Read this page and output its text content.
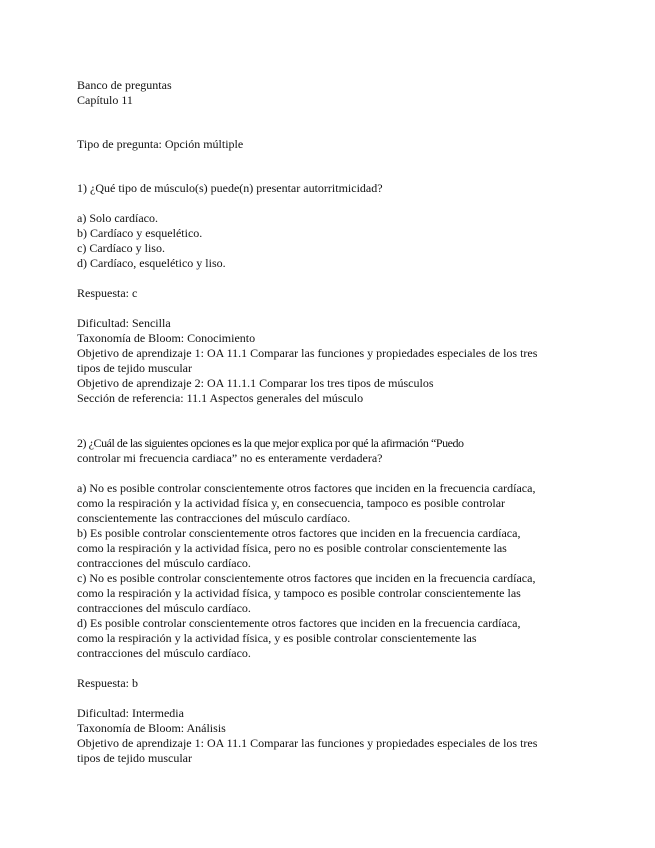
Banco de preguntas
Capítulo 11
Tipo de pregunta: Opción múltiple
1) ¿Qué tipo de músculo(s) puede(n) presentar autorritmicidad?
a) Solo cardíaco.
b) Cardíaco y esquelético.
c) Cardíaco y liso.
d) Cardíaco, esquelético y liso.
Respuesta: c
Dificultad: Sencilla
Taxonomía de Bloom: Conocimiento
Objetivo de aprendizaje 1: OA 11.1 Comparar las funciones y propiedades especiales de los tres
tipos de tejido muscular
Objetivo de aprendizaje 2: OA 11.1.1 Comparar los tres tipos de músculos
Sección de referencia: 11.1 Aspectos generales del músculo
2) ¿Cuál de las siguientes opciones es la que mejor explica por qué la afirmación “Puedo
controlar mi frecuencia cardiaca” no es enteramente verdadera?
a) No es posible controlar conscientemente otros factores que inciden en la frecuencia cardíaca,
como la respiración y la actividad física y, en consecuencia, tampoco es posible controlar
conscientemente las contracciones del músculo cardíaco.
b) Es posible controlar conscientemente otros factores que inciden en la frecuencia cardíaca,
como la respiración y la actividad física, pero no es posible controlar conscientemente las
contracciones del músculo cardíaco.
c) No es posible controlar conscientemente otros factores que inciden en la frecuencia cardíaca,
como la respiración y la actividad física, y tampoco es posible controlar conscientemente las
contracciones del músculo cardíaco.
d) Es posible controlar conscientemente otros factores que inciden en la frecuencia cardíaca,
como la respiración y la actividad física, y es posible controlar conscientemente las
contracciones del músculo cardíaco.
Respuesta: b
Dificultad: Intermedia
Taxonomía de Bloom: Análisis
Objetivo de aprendizaje 1: OA 11.1 Comparar las funciones y propiedades especiales de los tres
tipos de tejido muscular
